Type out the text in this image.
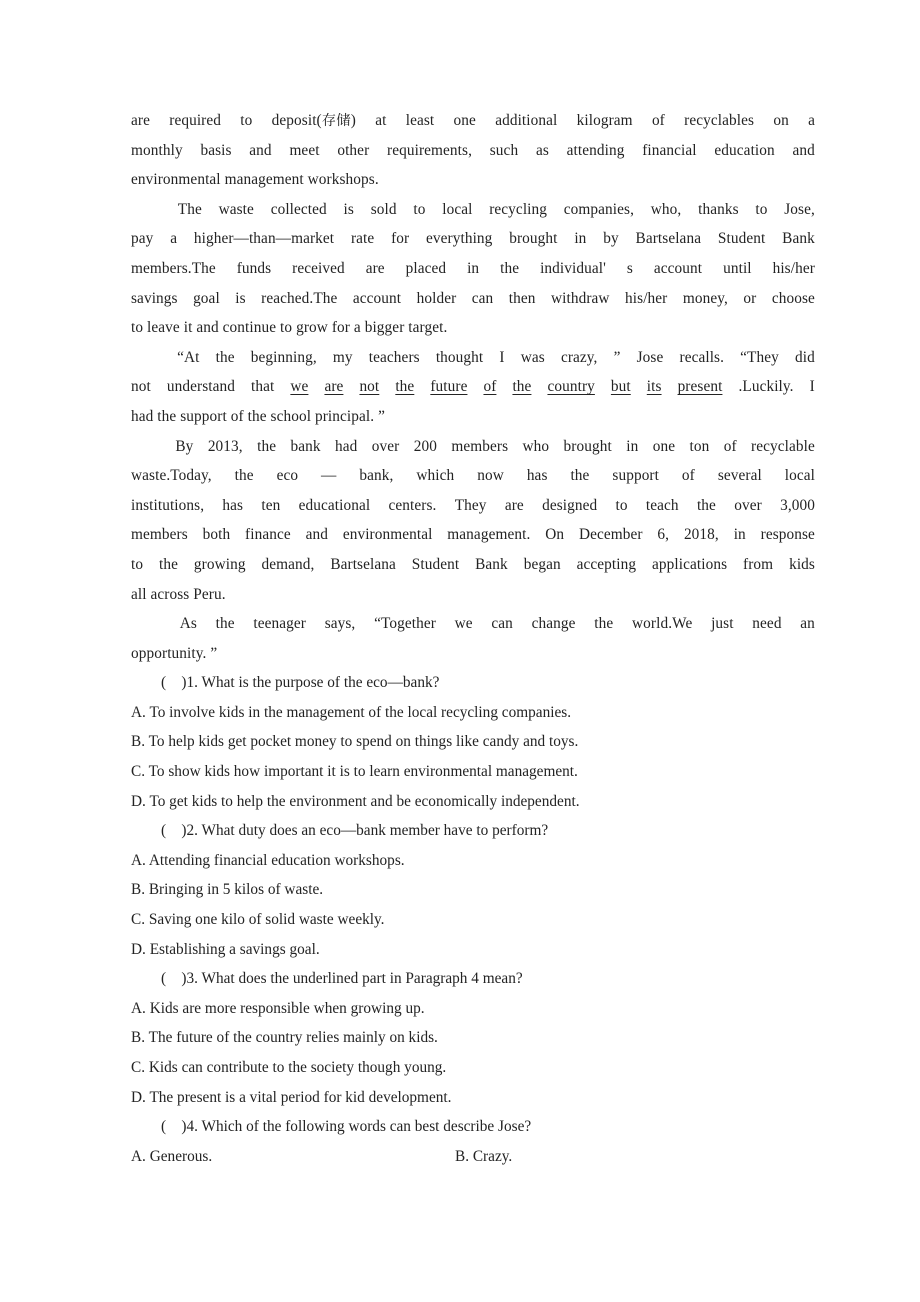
are required to deposit(存储) at least one additional kilogram of recyclables on a
monthly basis and meet other requirements, such as attending financial education and
environmental management workshops.
The waste collected is sold to local recycling companies, who, thanks to Jose,
pay a higher—than—market rate for everything brought in by Bartselana Student Bank
members.The funds received are placed in the individual' s account until his/her
savings goal is reached.The account holder can then withdraw his/her money, or choose
to leave it and continue to grow for a bigger target.
“At the beginning, my teachers thought I was crazy, ” Jose recalls. “They did
not understand that we are not the future of the country but its present .Luckily. I
had the support of the school principal. ”
By 2013, the bank had over 200 members who brought in one ton of recyclable
waste.Today, the eco — bank, which now has the support of several local
institutions, has ten educational centers. They are designed to teach the over 3,000
members both finance and environmental management. On December 6, 2018, in response
to the growing demand, Bartselana Student Bank began accepting applications from kids
all across Peru.
As the teenager says, “Together we can change the world.We just need an
opportunity. ”
(    )1. What is the purpose of the eco—bank?
A. To involve kids in the management of the local recycling companies.
B. To help kids get pocket money to spend on things like candy and toys.
C. To show kids how important it is to learn environmental management.
D. To get kids to help the environment and be economically independent.
(    )2. What duty does an eco—bank member have to perform?
A. Attending financial education workshops.
B. Bringing in 5 kilos of waste.
C. Saving one kilo of solid waste weekly.
D. Establishing a savings goal.
(    )3. What does the underlined part in Paragraph 4 mean?
A. Kids are more responsible when growing up.
B. The future of the country relies mainly on kids.
C. Kids can contribute to the society though young.
D. The present is a vital period for kid development.
(    )4. Which of the following words can best describe Jose?
A. Generous.	B. Crazy.
